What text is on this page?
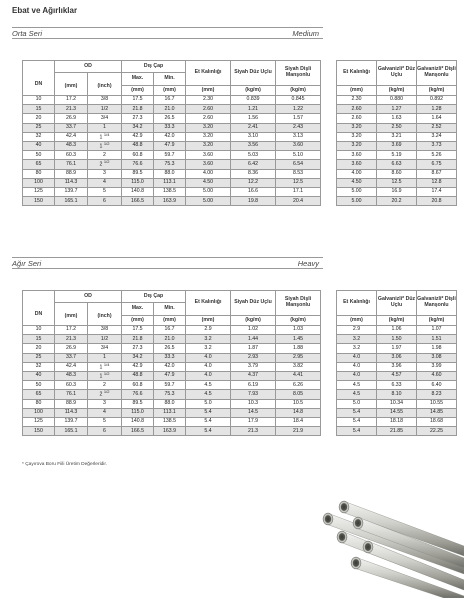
Ebat ve Ağırlıklar
Orta Seri	Medium
DN	OD		Dış Çap		Et Kalınlığı	Siyah Düz Uçlu	Siyah Dişli Manşonlu

	(mm)	(inch)	Max.	Min.			
			(mm)	(mm)	(mm)	(kg/m)	(kg/m)
10	17.2	3/8	17.5	16.7	2.30	0.839	0.845
15	21.3	1/2	21.8	21.0	2.60	1.21	1.22
20	26.9	3/4	27.3	26.5	2.60	1.56	1.57
25	33.7	1	34.2	33.3	3.20	2.41	2.43
32	42.4	1 $^{1/4}$	42.9	42.0	3.20	3.10	3.13
40	48.3	1 $^{1/2}$	48.8	47.9	3.20	3.56	3.60
50	60.3	2	60.8	59.7	3.60	5.03	5.10
65	76.1	2 $^{1/2}$	76.6	75.3	3.60	6.42	6.54
80	88.9	3	89.5	88.0	4.00	8.36	8.53
100	114.3	4	115.0	113.1	4.50	12.2	12.5
125	139.7	5	140.8	138.5	5.00	16.6	17.1
150	165.1	6	166.5	163.9	5.00	19.8	20.4
Et Kalınlığı	Galvanizli* Düz Uçlu	Galvanizli* Dişli Manşonlu
(mm)	(kg/m)	(kg/m)
2.30	0.880	0.892
2.60	1.27	1.28
2.60	1.63	1.64
3.20	2.50	2.52
3.20	3.21	3.24
3.20	3.69	3.73
3.60	5.19	5.26
3.60	6.63	6.75
4.00	8.60	8.67
4.50	12.5	12.8
5.00	16.9	17.4
5.00	20.2	20.8
Ağır Seri	Heavy
DN	OD		Dış Çap		Et Kalınlığı	Siyah Düz Uçlu	Siyah Dişli Manşonlu

	(mm)	(inch)	Max.	Min.			
			(mm)	(mm)	(mm)	(kg/m)	(kg/m)
10	17.2	3/8	17.5	16.7	2.9	1.02	1.03
15	21.3	1/2	21.8	21.0	3.2	1.44	1.45
20	26.9	3/4	27.3	26.5	3.2	1.87	1.88
25	33.7	1	34.2	33.3	4.0	2.93	2.95
32	42.4	1 $^{1/4}$	42.9	42.0	4.0	3.79	3.82
40	48.3	1 $^{1/2}$	48.8	47.9	4.0	4.37	4.41
50	60.3	2	60.8	59.7	4.5	6.19	6.26
65	76.1	2 $^{1/2}$	76.6	75.3	4.5	7.93	8.05
80	88.9	3	89.5	88.0	5.0	10.3	10.5
100	114.3	4	115.0	113.1	5.4	14.5	14.8
125	139.7	5	140.8	138.5	5.4	17.9	18.4
150	165.1	6	166.5	163.9	5.4	21.3	21.9
Et Kalınlığı	Galvanizli* Düz Uçlu	Galvanizli* Dişli Manşonlu
(mm)	(kg/m)	(kg/m)
2.9	1.06	1.07
3.2	1.50	1.51
3.2	1.97	1.98
4.0	3.06	3.08
4.0	3.96	3.99
4.0	4.57	4.60
4.5	6.33	6.40
4.5	8.10	8.23
5.0	10.34	10.55
5.4	14.55	14.85
5.4	18.18	18.68
5.4	21.85	22.25
* Çayırova Boru Fiili Üretim Değerleridir.
